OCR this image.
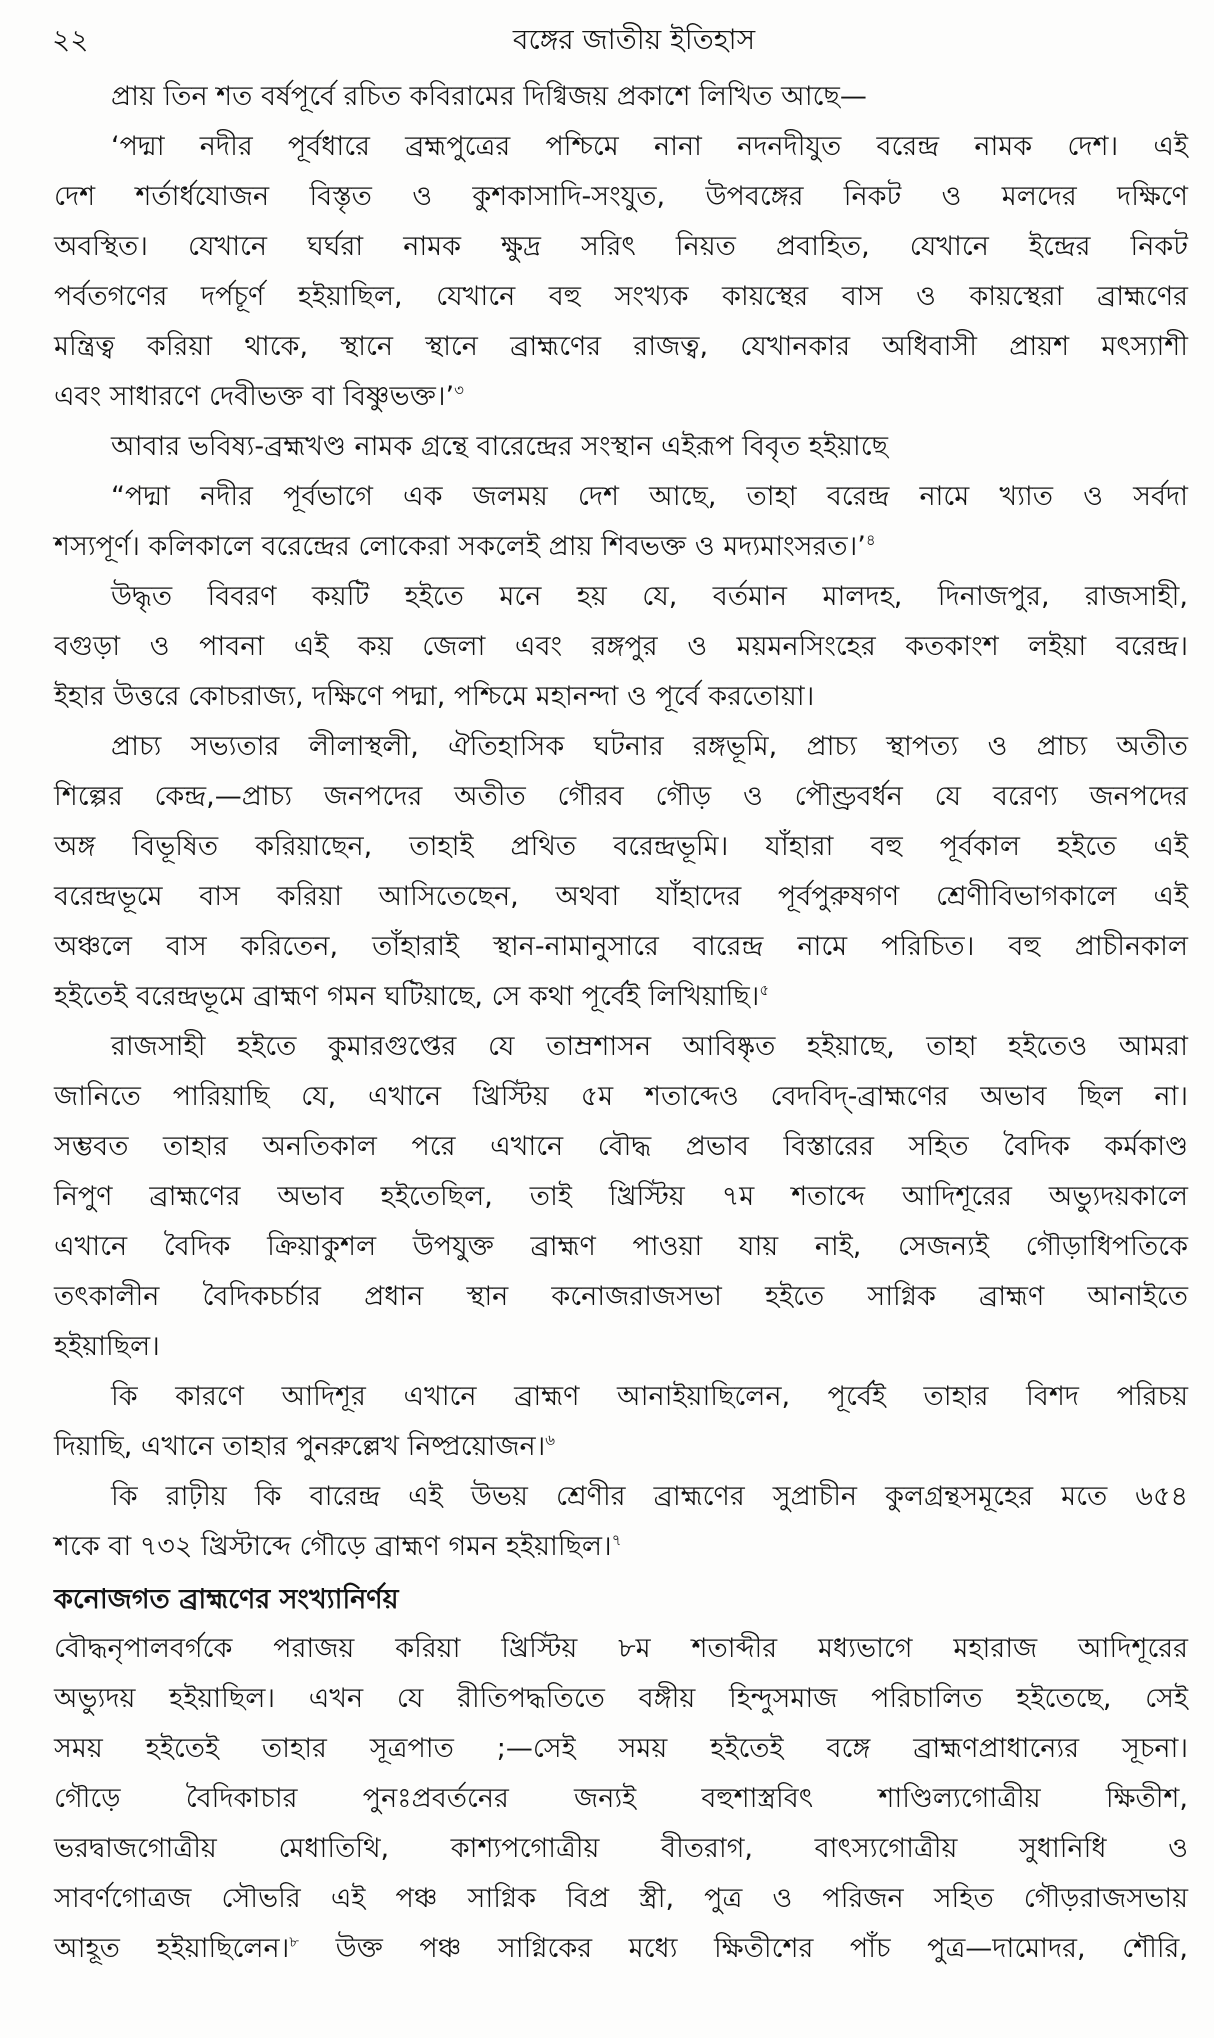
২২	বঙ্গের জাতীয় ইতিহাস
প্রায় তিন শত বর্ষপূর্বে রচিত কবিরামের দিগ্বিজয় প্রকাশে লিখিত আছে—
‘পদ্মা নদীর পূর্বধারে ব্রহ্মপুত্রের পশ্চিমে নানা নদনদীযুত বরেন্দ্র নামক দেশ। এই
দেশ শর্তার্ধযোজন বিস্তৃত ও কুশকাসাদি-সংযুত, উপবঙ্গের নিকট ও মলদের দক্ষিণে
অবস্থিত। যেখানে ঘর্ঘরা নামক ক্ষুদ্র সরিৎ নিয়ত প্রবাহিত, যেখানে ইন্দ্রের নিকট
পর্বতগণের দর্পচূর্ণ হইয়াছিল, যেখানে বহু সংখ্যক কায়স্থের বাস ও কায়স্থেরা ব্রাহ্মণের
মন্ত্রিত্ব করিয়া থাকে, স্থানে স্থানে ব্রাহ্মণের রাজত্ব, যেখানকার অধিবাসী প্রায়শ মৎস্যাশী
এবং সাধারণে দেবীভক্ত বা বিষ্ণুভক্ত।’$^৩$
আবার ভবিষ্য-ব্রহ্মখণ্ড নামক গ্রন্থে বারেন্দ্রের সংস্থান এইরূপ বিবৃত হইয়াছে
“পদ্মা নদীর পূর্বভাগে এক জলময় দেশ আছে, তাহা বরেন্দ্র নামে খ্যাত ও সর্বদা
শস্যপূর্ণ। কলিকালে বরেন্দ্রের লোকেরা সকলেই প্রায় শিবভক্ত ও মদ্যমাংসরত।’$^৪$
উদ্ধৃত বিবরণ কয়টি হইতে মনে হয় যে, বর্তমান মালদহ, দিনাজপুর, রাজসাহী,
বগুড়া ও পাবনা এই কয় জেলা এবং রঙ্গপুর ও ময়মনসিংহের কতকাংশ লইয়া বরেন্দ্র।
ইহার উত্তরে কোচরাজ্য, দক্ষিণে পদ্মা, পশ্চিমে মহানন্দা ও পূর্বে করতোয়া।
প্রাচ্য সভ্যতার লীলাস্থলী, ঐতিহাসিক ঘটনার রঙ্গভূমি, প্রাচ্য স্থাপত্য ও প্রাচ্য অতীত
শিল্পের কেন্দ্র,—প্রাচ্য জনপদের অতীত গৌরব গৌড় ও পৌণ্ড্রবর্ধন যে বরেণ্য জনপদের
অঙ্গ বিভূষিত করিয়াছেন, তাহাই প্রথিত বরেন্দ্রভূমি। যাঁহারা বহু পূর্বকাল হইতে এই
বরেন্দ্রভূমে বাস করিয়া আসিতেছেন, অথবা যাঁহাদের পূর্বপুরুষগণ শ্রেণীবিভাগকালে এই
অঞ্চলে বাস করিতেন, তাঁহারাই স্থান-নামানুসারে বারেন্দ্র নামে পরিচিত। বহু প্রাচীনকাল
হইতেই বরেন্দ্রভূমে ব্রাহ্মণ গমন ঘটিয়াছে, সে কথা পূর্বেই লিখিয়াছি।$^৫$
রাজসাহী হইতে কুমারগুপ্তের যে তাম্রশাসন আবিষ্কৃত হইয়াছে, তাহা হইতেও আমরা
জানিতে পারিয়াছি যে, এখানে খ্রিস্টিয় ৫ম শতাব্দেও বেদবিদ্‌-ব্রাহ্মণের অভাব ছিল না।
সম্ভবত তাহার অনতিকাল পরে এখানে বৌদ্ধ প্রভাব বিস্তারের সহিত বৈদিক কর্মকাণ্ড
নিপুণ ব্রাহ্মণের অভাব হইতেছিল, তাই খ্রিস্টিয় ৭ম শতাব্দে আদিশূরের অভ্যুদয়কালে
এখানে বৈদিক ক্রিয়াকুশল উপযুক্ত ব্রাহ্মণ পাওয়া যায় নাই, সেজন্যই গৌড়াধিপতিকে
তৎকালীন বৈদিকচর্চার প্রধান স্থান কনোজরাজসভা হইতে সাগ্নিক ব্রাহ্মণ আনাইতে
হইয়াছিল।
কি কারণে আদিশূর এখানে ব্রাহ্মণ আনাইয়াছিলেন, পূর্বেই তাহার বিশদ পরিচয়
দিয়াছি, এখানে তাহার পুনরুল্লেখ নিষ্প্রয়োজন।$^৬$
কি রাঢ়ীয় কি বারেন্দ্র এই উভয় শ্রেণীর ব্রাহ্মণের সুপ্রাচীন কুলগ্রন্থসমূহের মতে ৬৫৪
শকে বা ৭৩২ খ্রিস্টাব্দে গৌড়ে ব্রাহ্মণ গমন হইয়াছিল।$^৭$
কনোজগত ব্রাহ্মণের সংখ্যানির্ণয়
বৌদ্ধনৃপালবর্গকে পরাজয় করিয়া খ্রিস্টিয় ৮ম শতাব্দীর মধ্যভাগে মহারাজ আদিশূরের
অভ্যুদয় হইয়াছিল। এখন যে রীতিপদ্ধতিতে বঙ্গীয় হিন্দুসমাজ পরিচালিত হইতেছে, সেই
সময় হইতেই তাহার সূত্রপাত ;—সেই সময় হইতেই বঙ্গে ব্রাহ্মণপ্রাধান্যের সূচনা।
গৌড়ে বৈদিকাচার পুনঃপ্রবর্তনের জন্যই বহুশাস্ত্রবিৎ শাণ্ডিল্যগোত্রীয় ক্ষিতীশ,
ভরদ্বাজগোত্রীয় মেধাতিথি, কাশ্যপগোত্রীয় বীতরাগ, বাৎস্যগোত্রীয় সুধানিধি ও
সাবর্ণগোত্রজ সৌভরি এই পঞ্চ সাগ্নিক বিপ্র স্ত্রী, পুত্র ও পরিজন সহিত গৌড়রাজসভায়
আহূত হইয়াছিলেন।$^৮$ উক্ত পঞ্চ সাগ্নিকের মধ্যে ক্ষিতীশের পাঁচ পুত্র—দামোদর, শৌরি,
